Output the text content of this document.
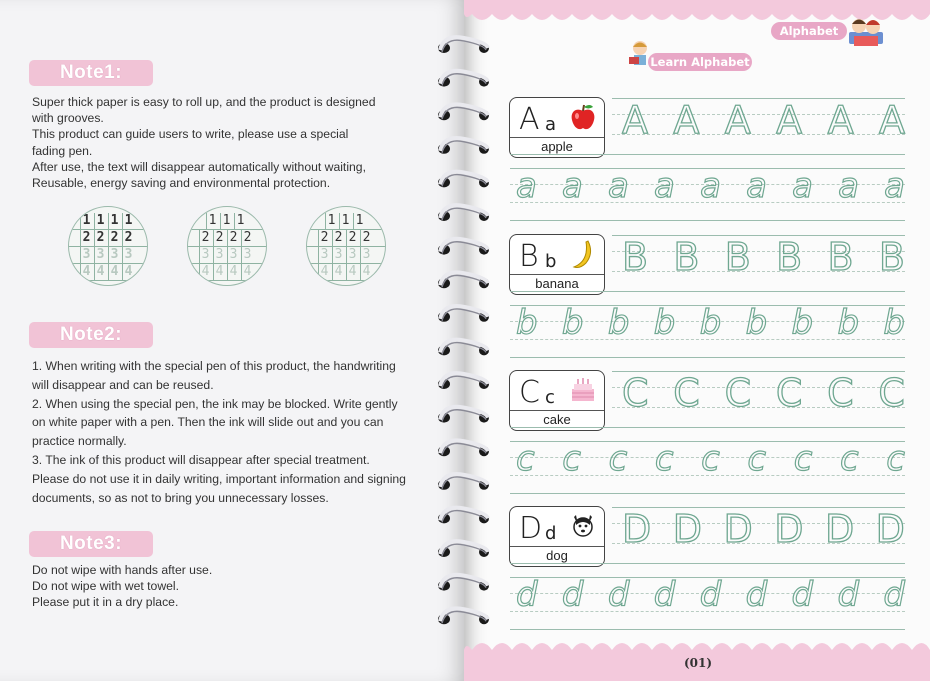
Note1:
Super thick paper is easy to roll up, and the product is designed
with grooves.
This product can guide users to write, please use a special
fading pen.
After use, the text will disappear automatically without waiting,
Reusable, energy saving and environmental protection.
1 1 1 1
2 2 2 2
3 3 3 3
4 4 4 4
1 1 1
2 2 2 2
3 3 3 3
4 4 4 4
1 1 1
2 2 2 2
3 3 3 3
4 4 4 4
Note2:
1. When writing with the special pen of this product, the handwriting
will disappear and can be reused.
2. When using the special pen, the ink may be blocked. Write gently
on white paper with a pen. Then the ink will slide out and you can
practice normally.
3. The ink of this product will disappear after special treatment.
Please do not use it in daily writing, important information and signing
documents, so as not to bring you unnecessary losses.
Note3:
Do not wipe with hands after use.
Do not wipe with wet towel.
Please put it in a dry place.
Alphabet
Learn Alphabet
A a
apple
B b
banana
C c
cake
D d
dog
A A A A A A
a a a a a a a a a
B B B B B B
b b b b b b b b b
C C C C C C
c c c c c c c c c
D D D D D D
d d d d d d d d d
(01)
